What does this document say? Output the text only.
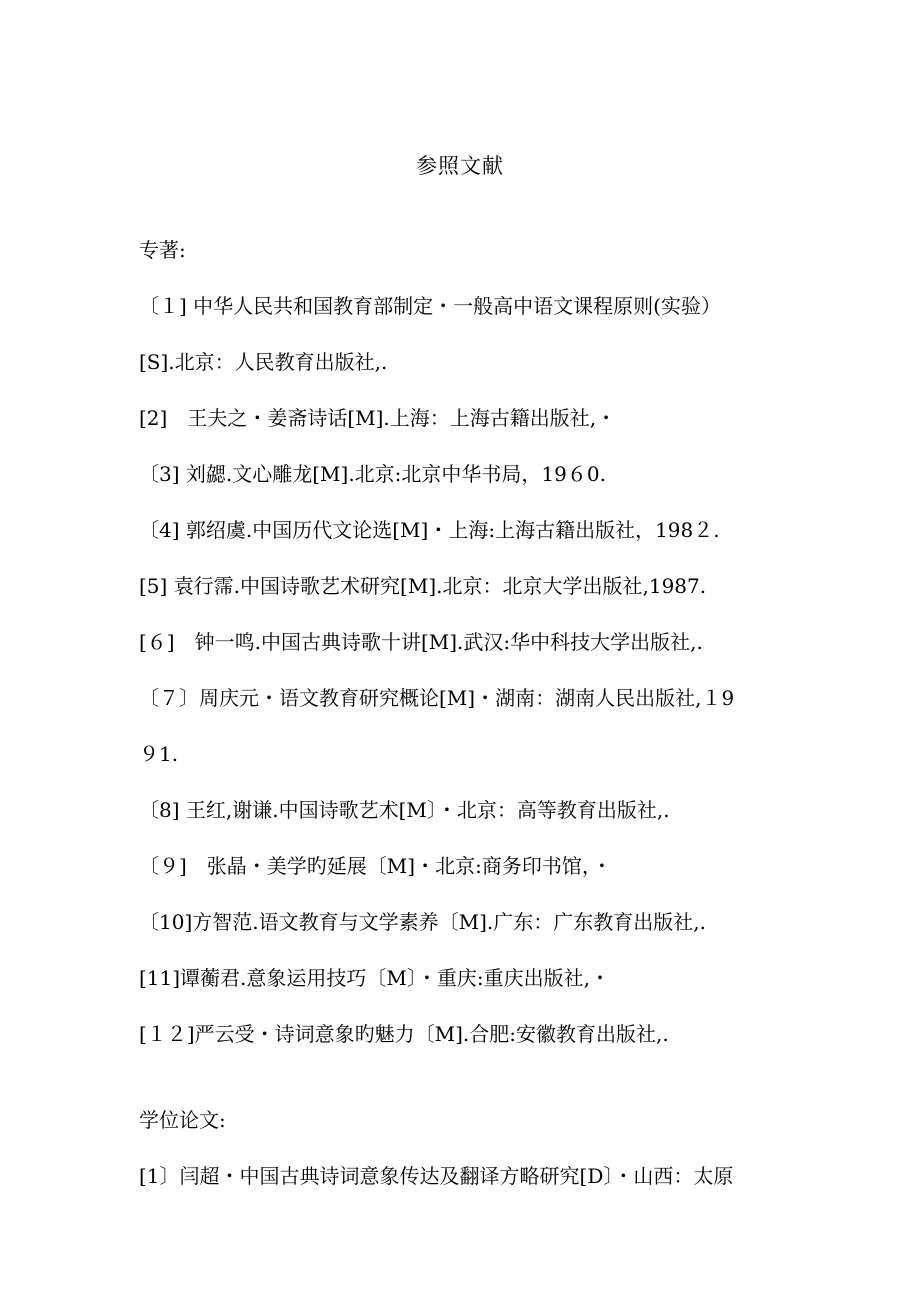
参照文献
专著:
〔１] 中华人民共和国教育部制定・一般高中语文课程原则(实验）
[S].北京：人民教育出版社,.
[2]　王夫之・姜斋诗话[M].上海：上海古籍出版社,・
〔3] 刘勰.文心雕龙[M].北京:北京中华书局，19６0.
〔4] 郭绍虞.中国历代文论选[M]・上海:上海古籍出版社，198２.
[5] 袁行霈.中国诗歌艺术研究[M].北京：北京大学出版社,1987.
[６]　钟一鸣.中国古典诗歌十讲[M].武汉:华中科技大学出版社,.
〔７〕周庆元・语文教育研究概论[M]・湖南：湖南人民出版社,１9
９1.
〔8] 王红,谢谦.中国诗歌艺术[M〕・北京：高等教育出版社,.
〔９]　张晶・美学旳延展〔M]・北京:商务印书馆，・
〔10]方智范.语文教育与文学素养〔M].广东：广东教育出版社,.
[11]谭蘅君.意象运用技巧〔M〕・重庆:重庆出版社,・
[１２]严云受・诗词意象旳魅力〔M].合肥:安徽教育出版社,.
学位论文:
[1〕闫超・中国古典诗词意象传达及翻译方略研究[D〕・山西：太原
